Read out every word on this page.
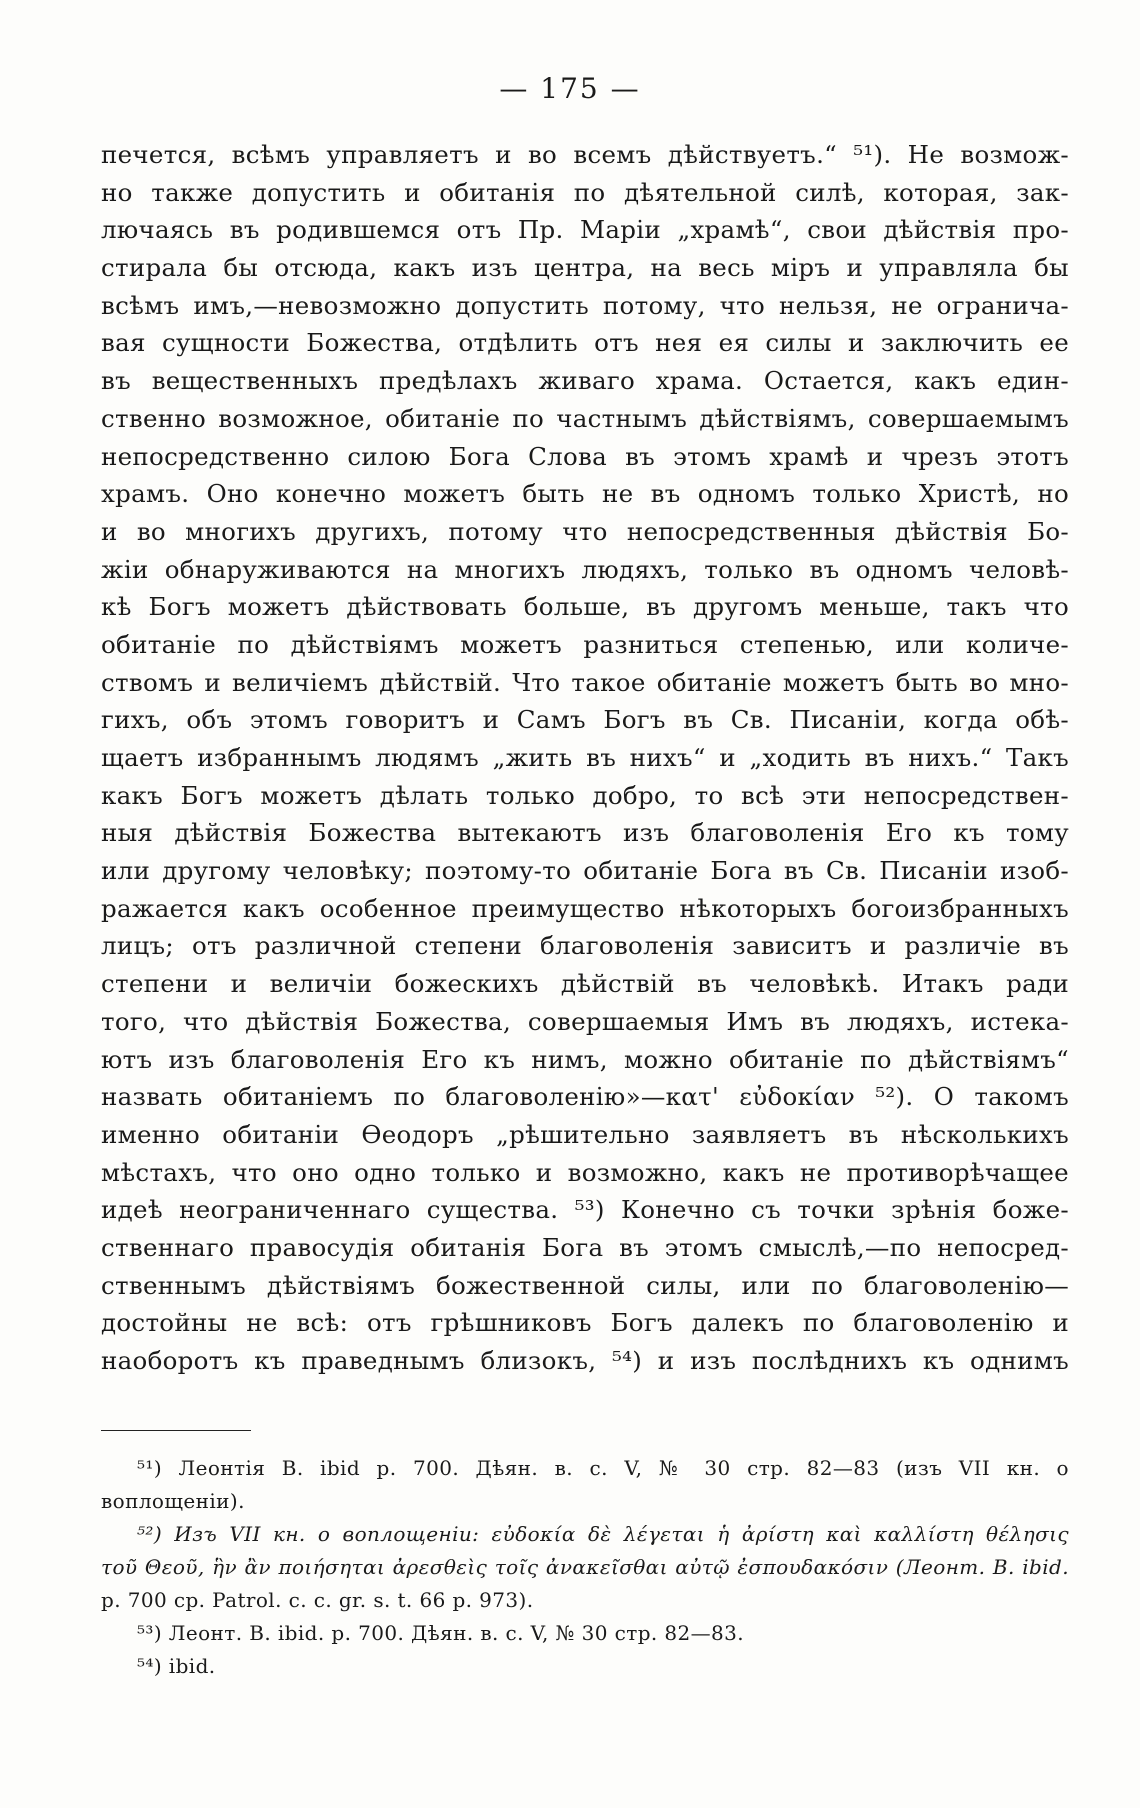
— 175 —
печется, всѣмъ управляетъ и во всемъ дѣйствуетъ.“ ⁵¹). Не возмож-
но также допустить и обитанія по дѣятельной силѣ, которая, зак-
лючаясь въ родившемся отъ Пр. Маріи „храмѣ“, свои дѣйствія про-
стирала бы отсюда, какъ изъ центра, на весь міръ и управляла бы
всѣмъ имъ,—невозможно допустить потому, что нельзя, не огранича-
вая сущности Божества, отдѣлить отъ нея ея силы и заключить ее
въ вещественныхъ предѣлахъ живаго храма. Остается, какъ един-
ственно возможное, обитаніе по частнымъ дѣйствіямъ, совершаемымъ
непосредственно силою Бога Слова въ этомъ храмѣ и чрезъ этотъ
храмъ. Оно конечно можетъ быть не въ одномъ только Христѣ, но
и во многихъ другихъ, потому что непосредственныя дѣйствія Бо-
жіи обнаруживаются на многихъ людяхъ, только въ одномъ человѣ-
кѣ Богъ можетъ дѣйствовать больше, въ другомъ меньше, такъ что
обитаніе по дѣйствіямъ можетъ разниться степенью, или количе-
ствомъ и величіемъ дѣйствій. Что такое обитаніе можетъ быть во мно-
гихъ, объ этомъ говоритъ и Самъ Богъ въ Св. Писаніи, когда обѣ-
щаетъ избраннымъ людямъ „жить въ нихъ“ и „ходить въ нихъ.“ Такъ
какъ Богъ можетъ дѣлать только добро, то всѣ эти непосредствен-
ныя дѣйствія Божества вытекаютъ изъ благоволенія Его къ тому
или другому человѣку; поэтому-то обитаніе Бога въ Св. Писаніи изоб-
ражается какъ особенное преимущество нѣкоторыхъ богоизбранныхъ
лицъ; отъ различной степени благоволенія зависитъ и различіе въ
степени и величіи божескихъ дѣйствій въ человѣкѣ. Итакъ ради
того, что дѣйствія Божества, совершаемыя Имъ въ людяхъ, истека-
ютъ изъ благоволенія Его къ нимъ, можно обитаніе по дѣйствіямъ“
назвать обитаніемъ по благоволенію»—κατ' εὐδοκίαν ⁵²). О такомъ
именно обитаніи Ѳеодоръ „рѣшительно заявляетъ въ нѣсколькихъ
мѣстахъ, что оно одно только и возможно, какъ не противорѣчащее
идеѣ неограниченнаго существа. ⁵³) Конечно съ точки зрѣнія боже-
ственнаго правосудія обитанія Бога въ этомъ смыслѣ,—по непосред-
ственнымъ дѣйствіямъ божественной силы, или по благоволенію—
достойны не всѣ: отъ грѣшниковъ Богъ далекъ по благоволенію и
наоборотъ къ праведнымъ близокъ, ⁵⁴) и изъ послѣднихъ къ однимъ
⁵¹) Леонтія В. ibid р. 700. Дѣян. в. с. V, № 30 стр. 82—83 (изъ VII кн. о
воплощеніи).
⁵²) Изъ VII кн. о воплощеніи: εὐδοκία δὲ λέγεται ἡ ἀρίστη καὶ καλλίστη θέλησις
τοῦ Θεοῦ, ἣν ἂν ποιήσηται ἀρεσθεὶς τοῖς ἀνακεῖσθαι αὐτῷ ἐσπουδακόσιν (Леонт. В. ibid.
р. 700 ср. Patrol. с. с. gr. s. t. 66 р. 973).
⁵³) Леонт. В. ibid. р. 700. Дѣян. в. с. V, № 30 стр. 82—83.
⁵⁴) ibid.
